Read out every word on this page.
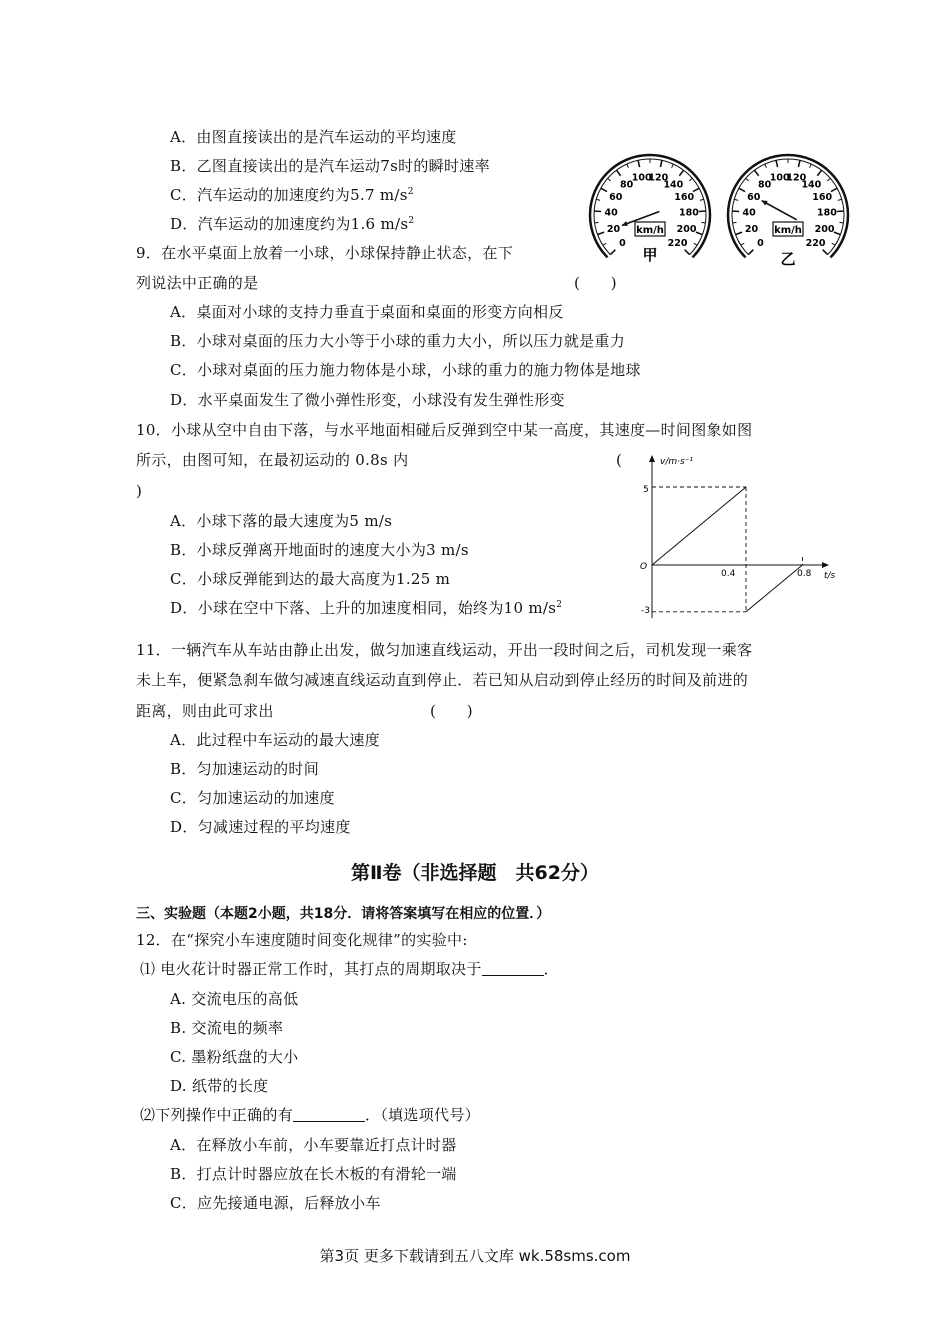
A．由图直接读出的是汽车运动的平均速度
B．乙图直接读出的是汽车运动7s时的瞬时速率
C．汽车运动的加速度约为5.7 $m/s^2$
D．汽车运动的加速度约为1.6 $m/s^2$
0
20
40
60
80
100
120
140
160
180
200
220
km/h
0
20
40
60
80
100
120
140
160
180
200
220
km/h
甲	乙
9．在水平桌面上放着一小球，小球保持静止状态，在下
列说法中正确的是	(　　)
A．桌面对小球的支持力垂直于桌面和桌面的形变方向相反
B．小球对桌面的压力大小等于小球的重力大小，所以压力就是重力
C．小球对桌面的压力施力物体是小球，小球的重力的施力物体是地球
D．水平桌面发生了微小弹性形变，小球没有发生弹性形变
10．小球从空中自由下落，与水平地面相碰后反弹到空中某一高度，其速度—时间图象如图
所示，由图可知，在最初运动的 0.8s 内	(
)
A．小球下落的最大速度为5 m/s
B．小球反弹离开地面时的速度大小为3 m/s
C．小球反弹能到达的最大高度为1.25 m
D．小球在空中下落、上升的加速度相同，始终为10 $m/s^2$
v/m·s⁻¹
t/s
O
5
-3
0.4	0.8
11．一辆汽车从车站由静止出发，做匀加速直线运动，开出一段时间之后，司机发现一乘客
未上车，便紧急刹车做匀减速直线运动直到停止．若已知从启动到停止经历的时间及前进的
距离，则由此可求出	(　　)
A．此过程中车运动的最大速度
B．匀加速运动的时间
C．匀加速运动的加速度
D．匀减速过程的平均速度
第Ⅱ卷（非选择题　共62分）
三、实验题（本题2小题，共18分．请将答案填写在相应的位置．）
12．在“探究小车速度随时间变化规律”的实验中:
⑴ 电火花计时器正常工作时，其打点的周期取决于	．
A. 交流电压的高低
B. 交流电的频率
C. 墨粉纸盘的大小
D. 纸带的长度
⑵下列操作中正确的有	．（填选项代号）
A．在释放小车前，小车要靠近打点计时器
B．打点计时器应放在长木板的有滑轮一端
C．应先接通电源，后释放小车
第3页 更多下载请到五八文库 wk.58sms.com
